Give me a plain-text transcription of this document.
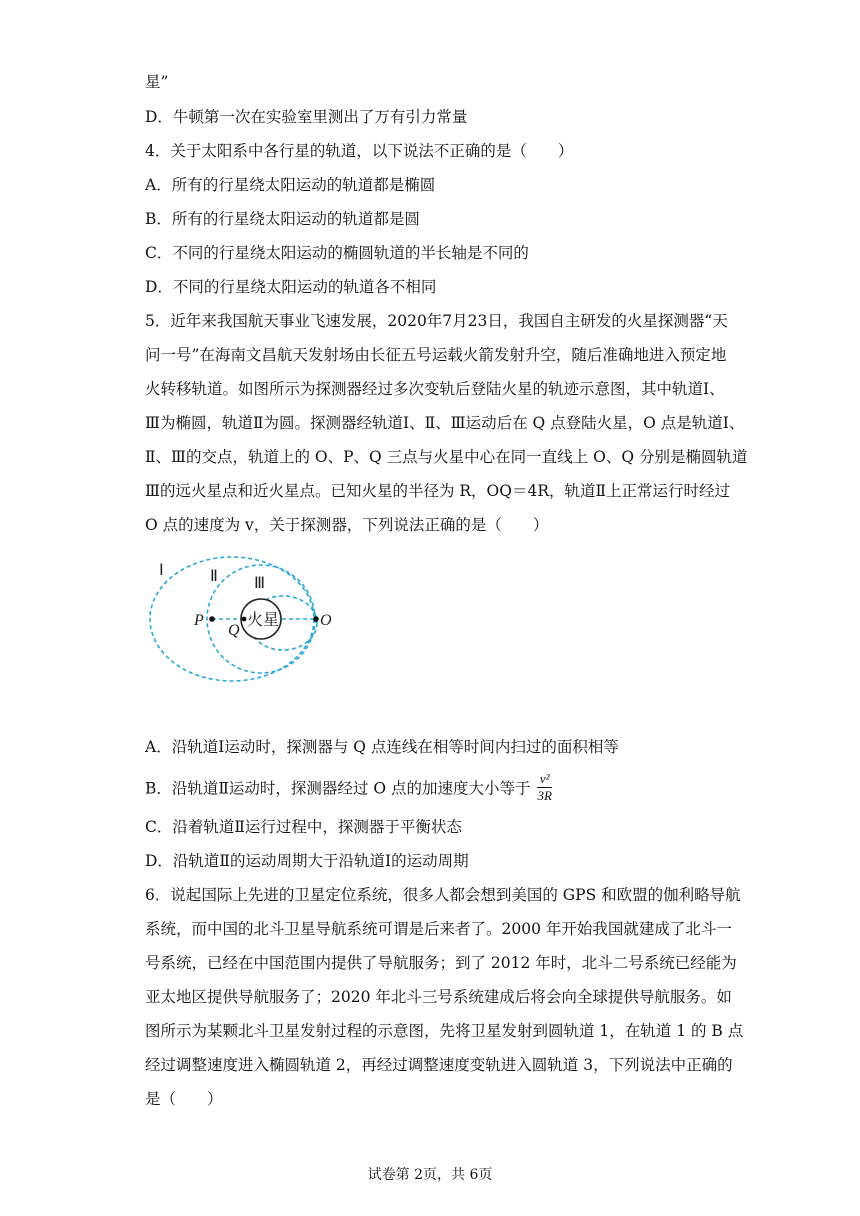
星”
D．牛顿第一次在实验室里测出了万有引力常量
4．关于太阳系中各行星的轨道，以下说法不正确的是（　　）
A．所有的行星绕太阳运动的轨道都是椭圆
B．所有的行星绕太阳运动的轨道都是圆
C．不同的行星绕太阳运动的椭圆轨道的半长轴是不同的
D．不同的行星绕太阳运动的轨道各不相同
5．近年来我国航天事业飞速发展，2020年7月23日，我国自主研发的火星探测器“天
问一号”在海南文昌航天发射场由长征五号运载火箭发射升空，随后准确地进入预定地
火转移轨道。如图所示为探测器经过多次变轨后登陆火星的轨迹示意图，其中轨道Ⅰ、
Ⅲ为椭圆，轨道Ⅱ为圆。探测器经轨道Ⅰ、Ⅱ、Ⅲ运动后在 Q 点登陆火星，O 点是轨道Ⅰ、
Ⅱ、Ⅲ的交点，轨道上的 O、P、Q 三点与火星中心在同一直线上 O、Q 分别是椭圆轨道
Ⅲ的远火星点和近火星点。已知火星的半径为 R，OQ＝4R，轨道Ⅱ上正常运行时经过
O 点的速度为 v，关于探测器，下列说法正确的是（　　）
Ⅰ	Ⅱ Ⅲ
火星
P
Q
O
A．沿轨道Ⅰ运动时，探测器与 Q 点连线在相等时间内扫过的面积相等
B．沿轨道Ⅱ运动时，探测器经过 O 点的加速度大小等于 $\frac{\text{v²}}{3R}$
C．沿着轨道Ⅱ运行过程中，探测器于平衡状态
D．沿轨道Ⅱ的运动周期大于沿轨道Ⅰ的运动周期
6．说起国际上先进的卫星定位系统，很多人都会想到美国的 GPS 和欧盟的伽利略导航
系统，而中国的北斗卫星导航系统可谓是后来者了。2000 年开始我国就建成了北斗一
号系统，已经在中国范围内提供了导航服务；到了 2012 年时，北斗二号系统已经能为
亚太地区提供导航服务了；2020 年北斗三号系统建成后将会向全球提供导航服务。如
图所示为某颗北斗卫星发射过程的示意图，先将卫星发射到圆轨道 1，在轨道 1 的 B 点
经过调整速度进入椭圆轨道 2，再经过调整速度变轨进入圆轨道 3，下列说法中正确的
是（　　）
试卷第 2页，共 6页
